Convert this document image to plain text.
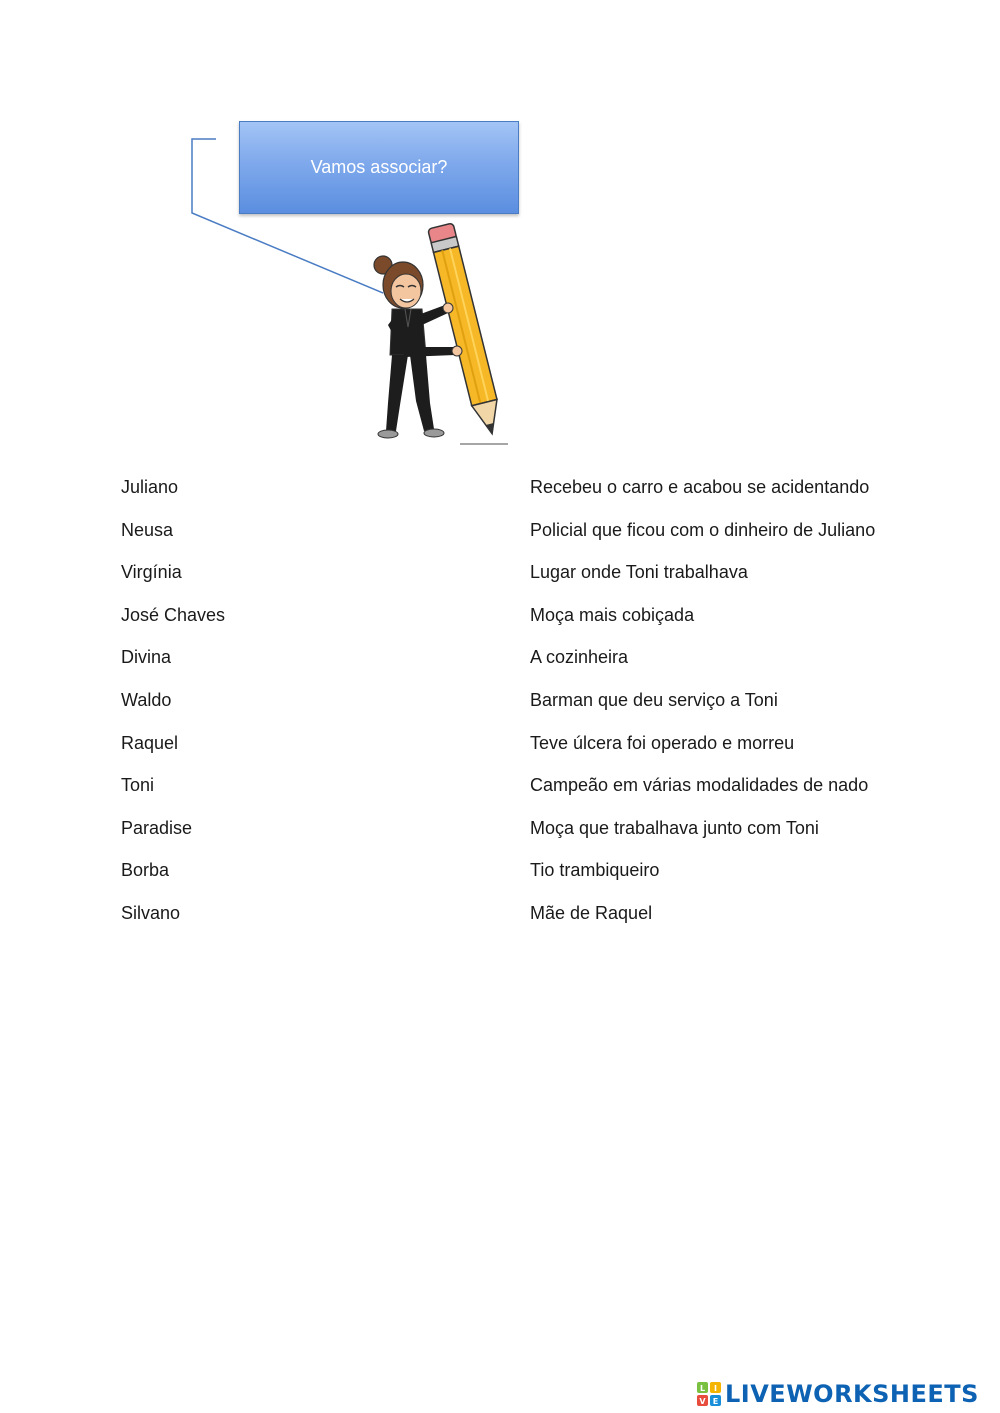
Vamos associar?
Juliano
Neusa
Virgínia
José Chaves
Divina
Waldo
Raquel
Toni
Paradise
Borba
Silvano
Recebeu o carro e acabou se acidentando
Policial que ficou com o dinheiro de Juliano
Lugar onde Toni trabalhava
Moça mais cobiçada
A cozinheira
Barman que deu serviço a Toni
Teve úlcera foi operado e morreu
Campeão em várias modalidades de nado
Moça que trabalhava junto com Toni
Tio trambiqueiro
Mãe de Raquel
L I
V E LIVEWORKSHEETS
